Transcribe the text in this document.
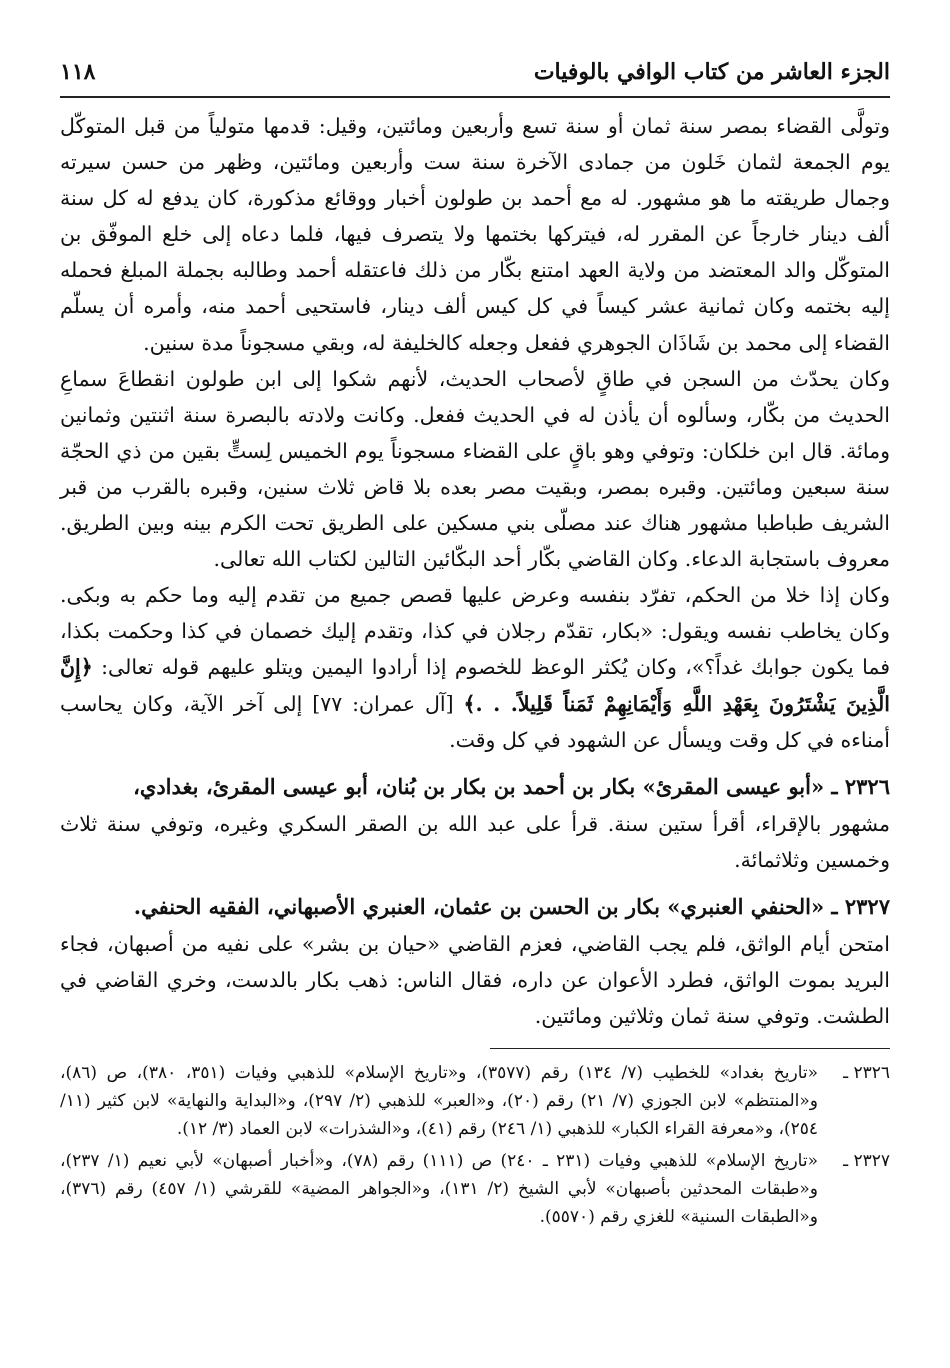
الجزء العاشر من كتاب الوافي بالوفيات
١١٨

وتولَّى القضاء بمصر سنة ثمان أو سنة تسع وأربعين ومائتين، وقيل: قدمها متولياً من قبل المتوكّل يوم الجمعة لثمان خَلون من جمادى الآخرة سنة ست وأربعين ومائتين، وظهر من حسن سيرته وجمال طريقته ما هو مشهور. له مع أحمد بن طولون أخبار ووقائع مذكورة، كان يدفع له كل سنة ألف دينار خارجاً عن المقرر له، فيتركها بختمها ولا يتصرف فيها، فلما دعاه إلى خلع الموفّق بن المتوكّل والد المعتضد من ولاية العهد امتنع بكّار من ذلك فاعتقله أحمد وطالبه بجملة المبلغ فحمله إليه بختمه وكان ثمانية عشر كيساً في كل كيس ألف دينار، فاستحيى أحمد منه، وأمره أن يسلّم القضاء إلى محمد بن شَاذَان الجوهري ففعل وجعله كالخليفة له، وبقي مسجوناً مدة سنين.

وكان يحدّث من السجن في طاقٍ لأصحاب الحديث، لأنهم شكوا إلى ابن طولون انقطاعَ سماعِ الحديث من بكّار، وسألوه أن يأذن له في الحديث ففعل. وكانت ولادته بالبصرة سنة اثنتين وثمانين ومائة. قال ابن خلكان: وتوفي وهو باقٍ على القضاء مسجوناً يوم الخميس لِستٍّ بقين من ذي الحجّة سنة سبعين ومائتين. وقبره بمصر، وبقيت مصر بعده بلا قاض ثلاث سنين، وقبره بالقرب من قبر الشريف طباطبا مشهور هناك عند مصلّى بني مسكين على الطريق تحت الكرم بينه وبين الطريق. معروف باستجابة الدعاء. وكان القاضي بكّار أحد البكّائين التالين لكتاب الله تعالى.

وكان إذا خلا من الحكم، تفرّد بنفسه وعرض عليها قصص جميع من تقدم إليه وما حكم به وبكى. وكان يخاطب نفسه ويقول: «بكار، تقدّم رجلان في كذا، وتقدم إليك خصمان في كذا وحكمت بكذا، فما يكون جوابك غداً؟»، وكان يُكثر الوعظ للخصوم إذا أرادوا اليمين ويتلو عليهم قوله تعالى: ﴿إِنَّ الَّذِينَ يَشْتَرُونَ بِعَهْدِ اللَّهِ وَأَيْمَانِهِمْ ثَمَناً قَلِيلاً. . .﴾ [آل عمران: ٧٧] إلى آخر الآية، وكان يحاسب أمناءه في كل وقت ويسأل عن الشهود في كل وقت.

٢٣٢٦ ـ «أبو عيسى المقرئ» بكار بن أحمد بن بكار بن بُنان، أبو عيسى المقرئ، بغدادي،

مشهور بالإقراء، أقرأ ستين سنة. قرأ على عبد الله بن الصقر السكري وغيره، وتوفي سنة ثلاث وخمسين وثلاثمائة.

٢٣٢٧ ـ «الحنفي العنبري» بكار بن الحسن بن عثمان، العنبري الأصبهاني، الفقيه الحنفي.

امتحن أيام الواثق، فلم يجب القاضي، فعزم القاضي «حيان بن بشر» على نفيه من أصبهان، فجاء البريد بموت الواثق، فطرد الأعوان عن داره، فقال الناس: ذهب بكار بالدست، وخري القاضي في الطشت. وتوفي سنة ثمان وثلاثين ومائتين.

٢٣٢٦ ـ
«تاريخ بغداد» للخطيب (٧/ ١٣٤) رقم (٣٥٧٧)، و«تاريخ الإسلام» للذهبي وفيات (٣٥١، ٣٨٠)، ص (٨٦)، و«المنتظم» لابن الجوزي (٧/ ٢١) رقم (٢٠)، و«العبر» للذهبي (٢/ ٢٩٧)، و«البداية والنهاية» لابن كثير (١١/ ٢٥٤)، و«معرفة القراء الكبار» للذهبي (١/ ٢٤٦) رقم (٤١)، و«الشذرات» لابن العماد (٣/ ١٢).
٢٣٢٧ ـ
«تاريخ الإسلام» للذهبي وفيات (٢٣١ ـ ٢٤٠) ص (١١١) رقم (٧٨)، و«أخبار أصبهان» لأبي نعيم (١/ ٢٣٧)، و«طبقات المحدثين بأصبهان» لأبي الشيخ (٢/ ١٣١)، و«الجواهر المضية» للقرشي (١/ ٤٥٧) رقم (٣٧٦)، و«الطبقات السنية» للغزي رقم (٥٥٧٠).
